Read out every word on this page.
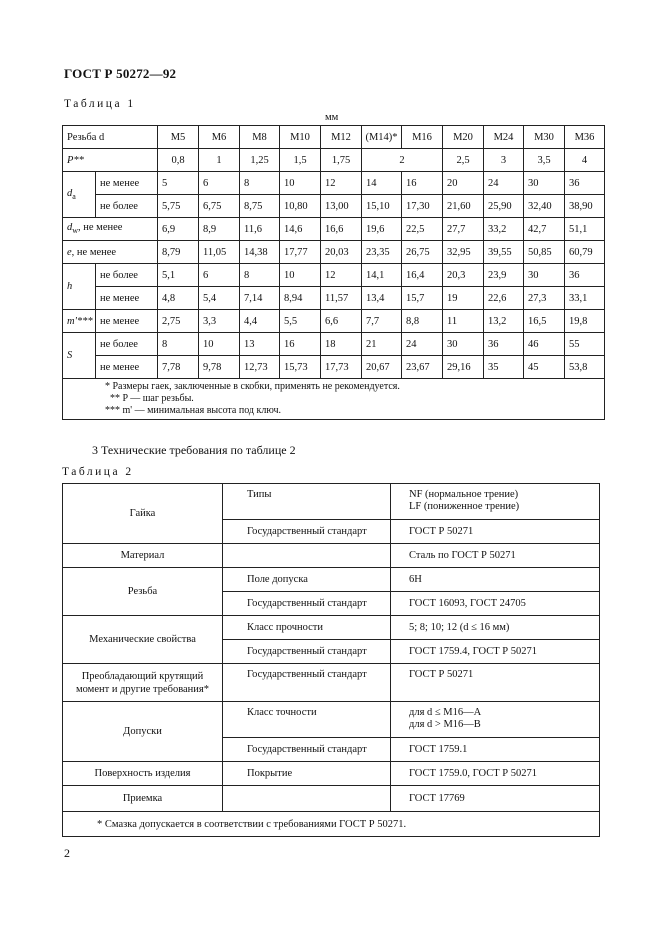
ГОСТ Р 50272—92
Таблица 1
мм
Резьба d		M5	M6	M8	M10	M12	(M14)*	M16	M20	M24	M30	M36
P**		0,8	1	1,25	1,5	1,75	2		2,5	3	3,5	4
$d_a$	не менее	5	6	8	10	12	14	16	20	24	30	36
	не более	5,75	6,75	8,75	10,80	13,00	15,10	17,30	21,60	25,90	32,40	38,90
$d_w$, не менее		6,9	8,9	11,6	14,6	16,6	19,6	22,5	27,7	33,2	42,7	51,1
e, не менее		8,79	11,05	14,38	17,77	20,03	23,35	26,75	32,95	39,55	50,85	60,79
h	не более	5,1	6	8	10	12	14,1	16,4	20,3	23,9	30	36
	не менее	4,8	5,4	7,14	8,94	11,57	13,4	15,7	19	22,6	27,3	33,1
m'***	не менее	2,75	3,3	4,4	5,5	6,6	7,7	8,8	11	13,2	16,5	19,8
S	не более	8	10	13	16	18	21	24	30	36	46	55
	не менее	7,78	9,78	12,73	15,73	17,73	20,67	23,67	29,16	35	45	53,8

* Размеры гаек, заключенные в скобки, применять не рекомендуется.
** P — шаг резьбы.
*** m' — минимальная высота под ключ.												
3 Технические требования по таблице 2
Таблица 2
Гайка	Типы	NF (нормальное трение)
LF (пониженное трение)

	Государственный стандарт	ГОСТ Р 50271
Материал		Сталь по ГОСТ Р 50271
Резьба	Поле допуска	6H
	Государственный стандарт	ГОСТ 16093, ГОСТ 24705
Механические свойства	Класс прочности	5; 8; 10; 12 (d ≤ 16 мм)
	Государственный стандарт	ГОСТ 1759.4, ГОСТ Р 50271

Преобладающий крутящий
момент и другие требования*	Государственный стандарт	ГОСТ Р 50271
Допуски	Класс точности	для d ≤ M16—A
для d > M16—B

	Государственный стандарт	ГОСТ 1759.1
Поверхность изделия	Покрытие	ГОСТ 1759.0, ГОСТ Р 50271
Приемка		ГОСТ 17769
* Смазка допускается в соответствии с требованиями ГОСТ Р 50271.		
2
